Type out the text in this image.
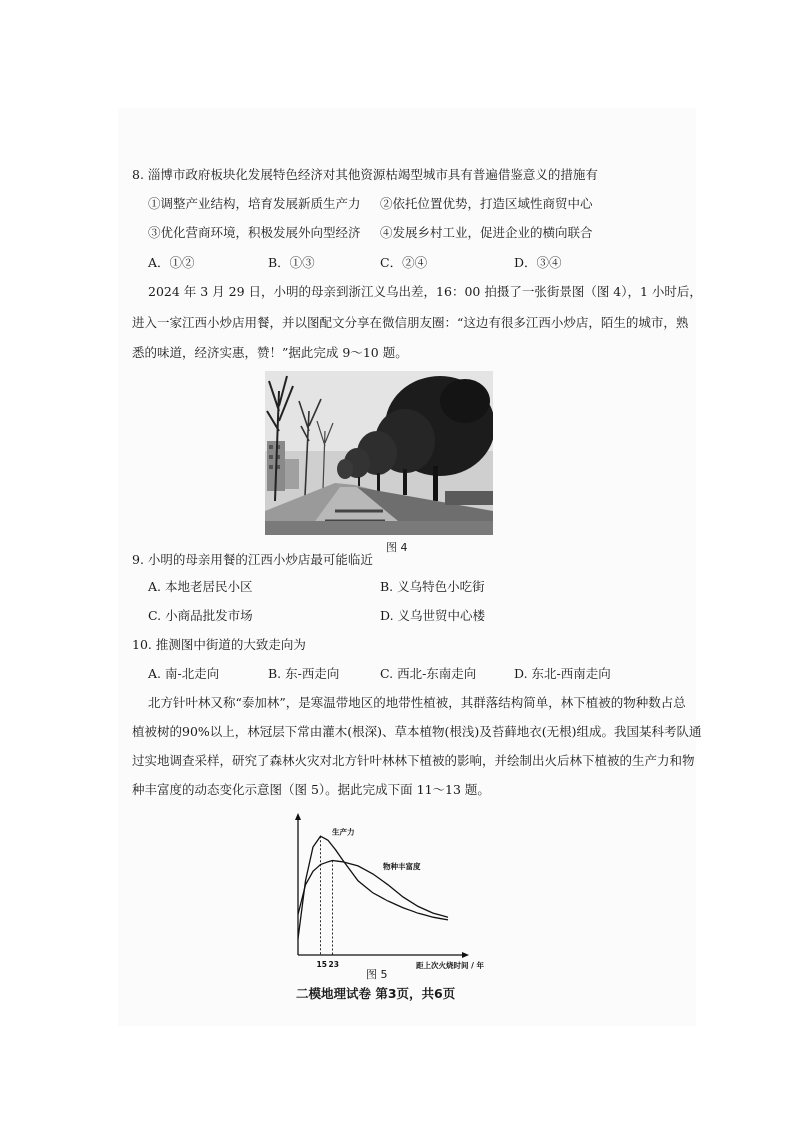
8. 淄博市政府板块化发展特色经济对其他资源枯竭型城市具有普遍借鉴意义的措施有
①调整产业结构，培育发展新质生产力 ②依托位置优势，打造区域性商贸中心
③优化营商环境，积极发展外向型经济 ④发展乡村工业，促进企业的横向联合
A．①②	B．①③	C．②④	D．③④
2024 年 3 月 29 日，小明的母亲到浙江义乌出差，16：00 拍摄了一张街景图（图 4），1 小时后，
进入一家江西小炒店用餐，并以图配文分享在微信朋友圈：“这边有很多江西小炒店，陌生的城市，熟
悉的味道，经济实惠，赞！”据此完成 9～10 题。
图 4
9. 小明的母亲用餐的江西小炒店最可能临近
A. 本地老居民小区	B. 义乌特色小吃街
C. 小商品批发市场	D. 义乌世贸中心楼
10. 推测图中街道的大致走向为
A. 南-北走向	B. 东-西走向	C. 西北-东南走向	D. 东北-西南走向
北方针叶林又称“泰加林”，是寒温带地区的地带性植被，其群落结构简单，林下植被的物种数占总
植被树的90%以上，林冠层下常由灌木(根深)、草本植物(根浅)及苔藓地衣(无根)组成。我国某科考队通
过实地调查采样，研究了森林火灾对北方针叶林林下植被的影响，并绘制出火后林下植被的生产力和物
种丰富度的动态变化示意图（图 5）。据此完成下面 11～13 题。
生产力
物种丰富度
15 23	距上次火烧时间 / 年
图 5
二模地理试卷 第3页，共6页
